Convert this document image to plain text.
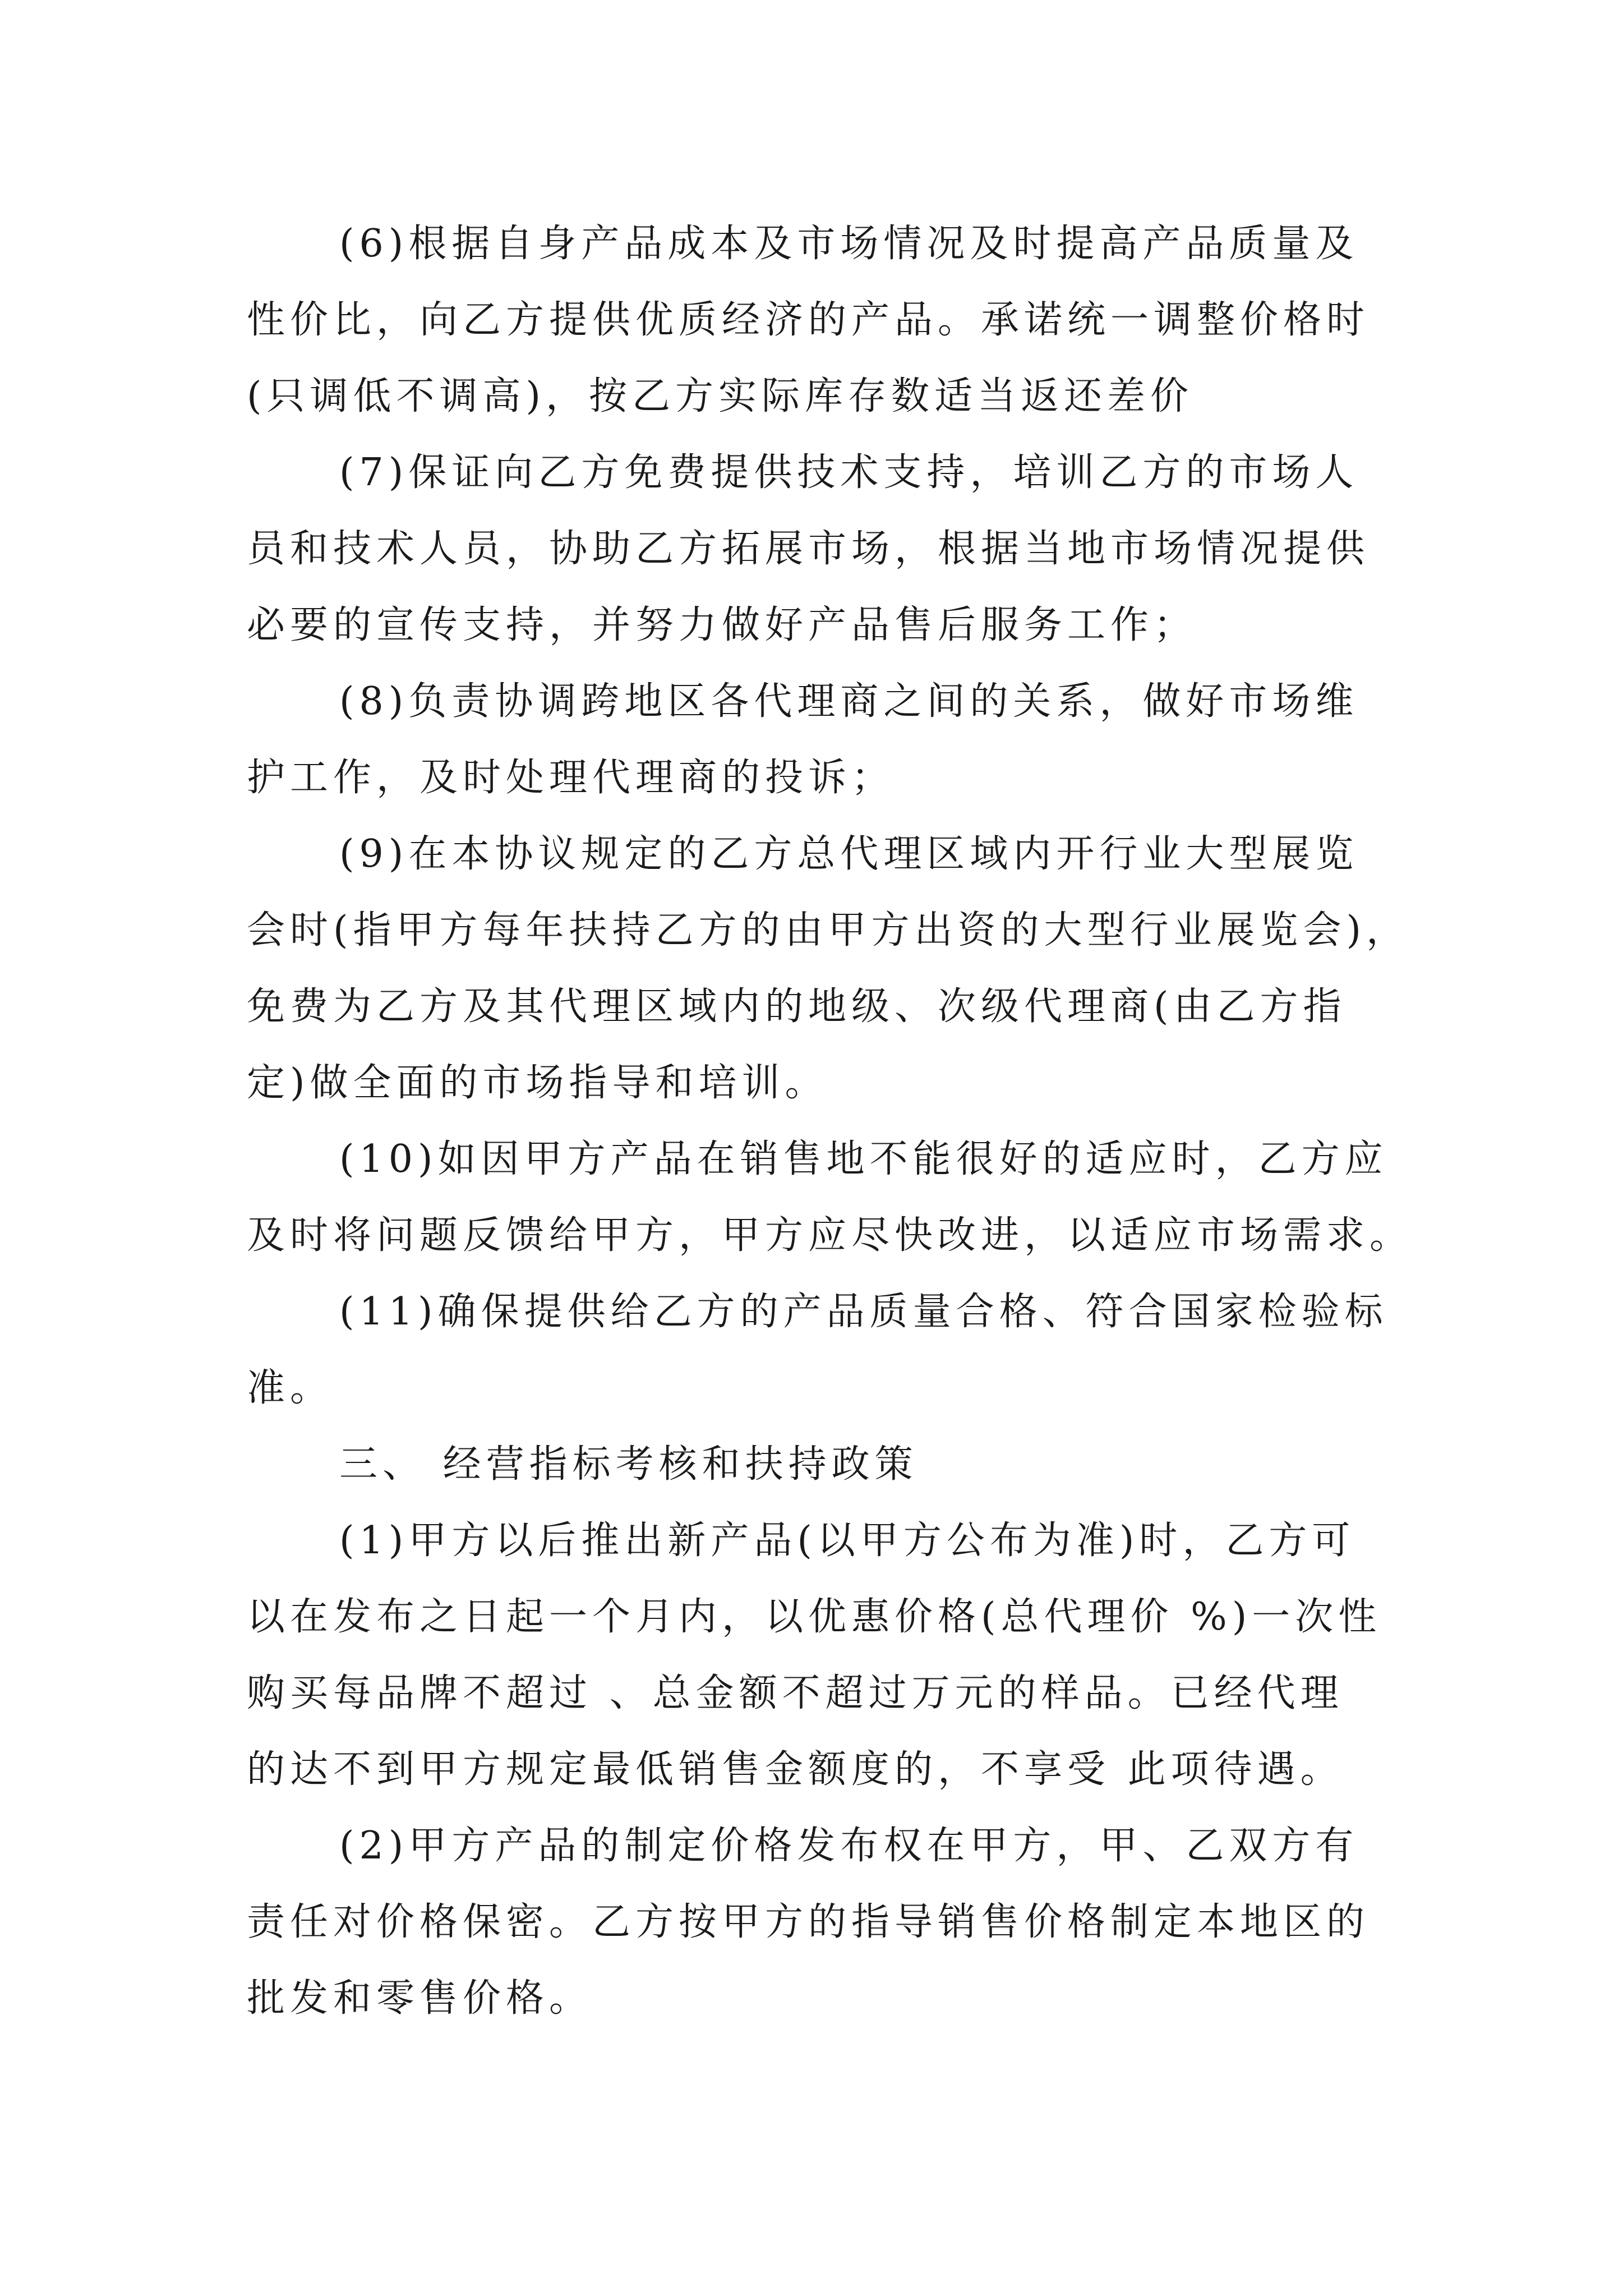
(6)根据自身产品成本及市场情况及时提高产品质量及

性价比，向乙方提供优质经济的产品。承诺统一调整价格时

(只调低不调高)，按乙方实际库存数适当返还差价

(7)保证向乙方免费提供技术支持，培训乙方的市场人

员和技术人员，协助乙方拓展市场，根据当地市场情况提供

必要的宣传支持，并努力做好产品售后服务工作；

(8)负责协调跨地区各代理商之间的关系，做好市场维

护工作，及时处理代理商的投诉；

(9)在本协议规定的乙方总代理区域内开行业大型展览

会时(指甲方每年扶持乙方的由甲方出资的大型行业展览会)，

免费为乙方及其代理区域内的地级、次级代理商(由乙方指

定)做全面的市场指导和培训。

(10)如因甲方产品在销售地不能很好的适应时，乙方应

及时将问题反馈给甲方，甲方应尽快改进，以适应市场需求。

(11)确保提供给乙方的产品质量合格、符合国家检验标

准。

三、 经营指标考核和扶持政策

(1)甲方以后推出新产品(以甲方公布为准)时，乙方可

以在发布之日起一个月内，以优惠价格(总代理价 %)一次性

购买每品牌不超过 、总金额不超过万元的样品。已经代理

的达不到甲方规定最低销售金额度的，不享受 此项待遇。

(2)甲方产品的制定价格发布权在甲方，甲、乙双方有

责任对价格保密。乙方按甲方的指导销售价格制定本地区的

批发和零售价格。
